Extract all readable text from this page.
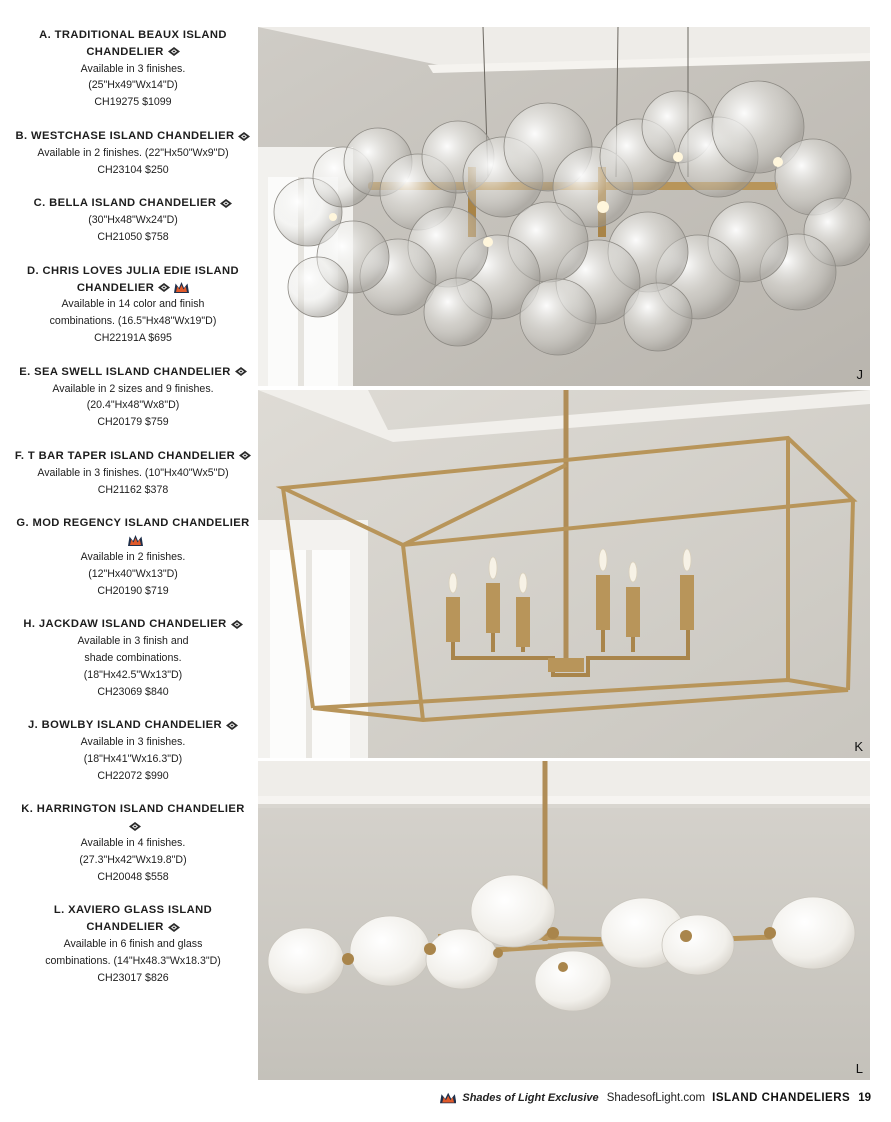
A. TRADITIONAL BEAUX ISLAND CHANDELIER
Available in 3 finishes.
(25"Hx49"Wx14"D)
CH19275 $1099
B. WESTCHASE ISLAND CHANDELIER
Available in 2 finishes. (22"Hx50"Wx9"D)
CH23104 $250
C. BELLA ISLAND CHANDELIER
(30"Hx48"Wx24"D)
CH21050 $758
D. CHRIS LOVES JULIA EDIE ISLAND CHANDELIER
Available in 14 color and finish
combinations. (16.5"Hx48"Wx19"D)
CH22191A $695
E. SEA SWELL ISLAND CHANDELIER
Available in 2 sizes and 9 finishes.
(20.4"Hx48"Wx8"D)
CH20179 $759
F. T BAR TAPER ISLAND CHANDELIER
Available in 3 finishes. (10"Hx40"Wx5"D)
CH21162 $378
G. MOD REGENCY ISLAND CHANDELIER
Available in 2 finishes.
(12"Hx40"Wx13"D)
CH20190 $719
H. JACKDAW ISLAND CHANDELIER
Available in 3 finish and
shade combinations.
(18"Hx42.5"Wx13"D)
CH23069 $840
J. BOWLBY ISLAND CHANDELIER
Available in 3 finishes.
(18"Hx41"Wx16.3"D)
CH22072 $990
K. HARRINGTON ISLAND CHANDELIER
Available in 4 finishes.
(27.3"Hx42"Wx19.8"D)
CH20048 $558
L. XAVIERO GLASS ISLAND CHANDELIER
Available in 6 finish and glass
combinations. (14"Hx48.3"Wx18.3"D)
CH23017 $826
J
K
L
Shades of Light Exclusive ShadesofLight.com ISLAND CHANDELIERS 19
